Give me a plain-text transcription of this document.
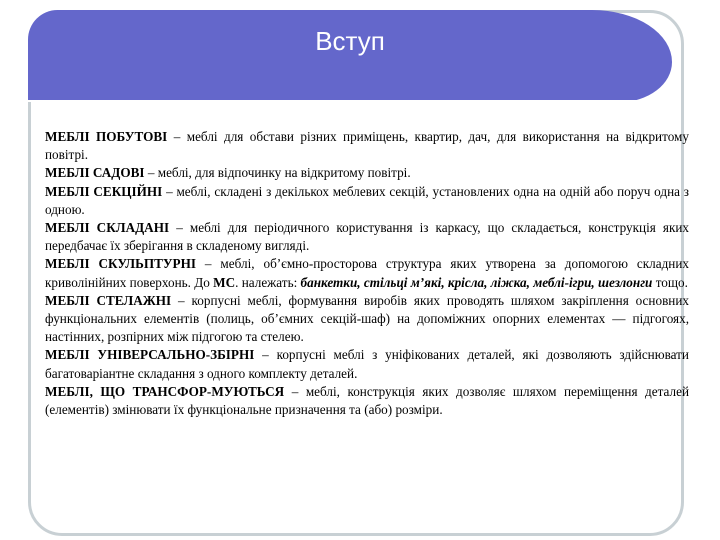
Вступ

МЕБЛІ ПОБУТОВІ – меблі для обстави різних приміщень, квартир, дач, для використання на відкритому повітрі.

МЕБЛІ САДОВІ – меблі, для відпочинку на відкритому повітрі.

МЕБЛІ СЕКЦІЙНІ – меблі, складені з декількох меблевих секцій, установлених одна на одній або поруч одна з одною.

МЕБЛІ СКЛАДАНІ – меблі для періодичного користування із каркасу, що складається, конструкція яких передбачає їх зберігання в складеному вигляді.

МЕБЛІ СКУЛЬПТУРНІ – меблі, об’ємно-просторова структура яких утворена за допомогою складних криволінійних поверхонь. До МС. належать: банкетки, стільці м’які, крісла, ліжка, меблі-ігри, шезлонги тощо.

МЕБЛІ СТЕЛАЖНІ – корпусні меблі, формування виробів яких проводять шляхом закріплення основних функціональних елементів (полиць, об’ємних секцій-шаф) на допоміжних опорних елементах — підгогоях, настінних, розпірних між підгогою та стелею.

МЕБЛІ УНІВЕРСАЛЬНО-ЗБІРНІ – корпусні меблі з уніфікованих деталей, які дозволяють здійснювати багатоваріантне складання з одного комплекту деталей.

МЕБЛІ, ЩО ТРАНСФОР-МУЮТЬСЯ – меблі, конструкція яких дозволяє шляхом переміщення деталей (елементів) змінювати їх функціональне призначення та (або) розміри.
